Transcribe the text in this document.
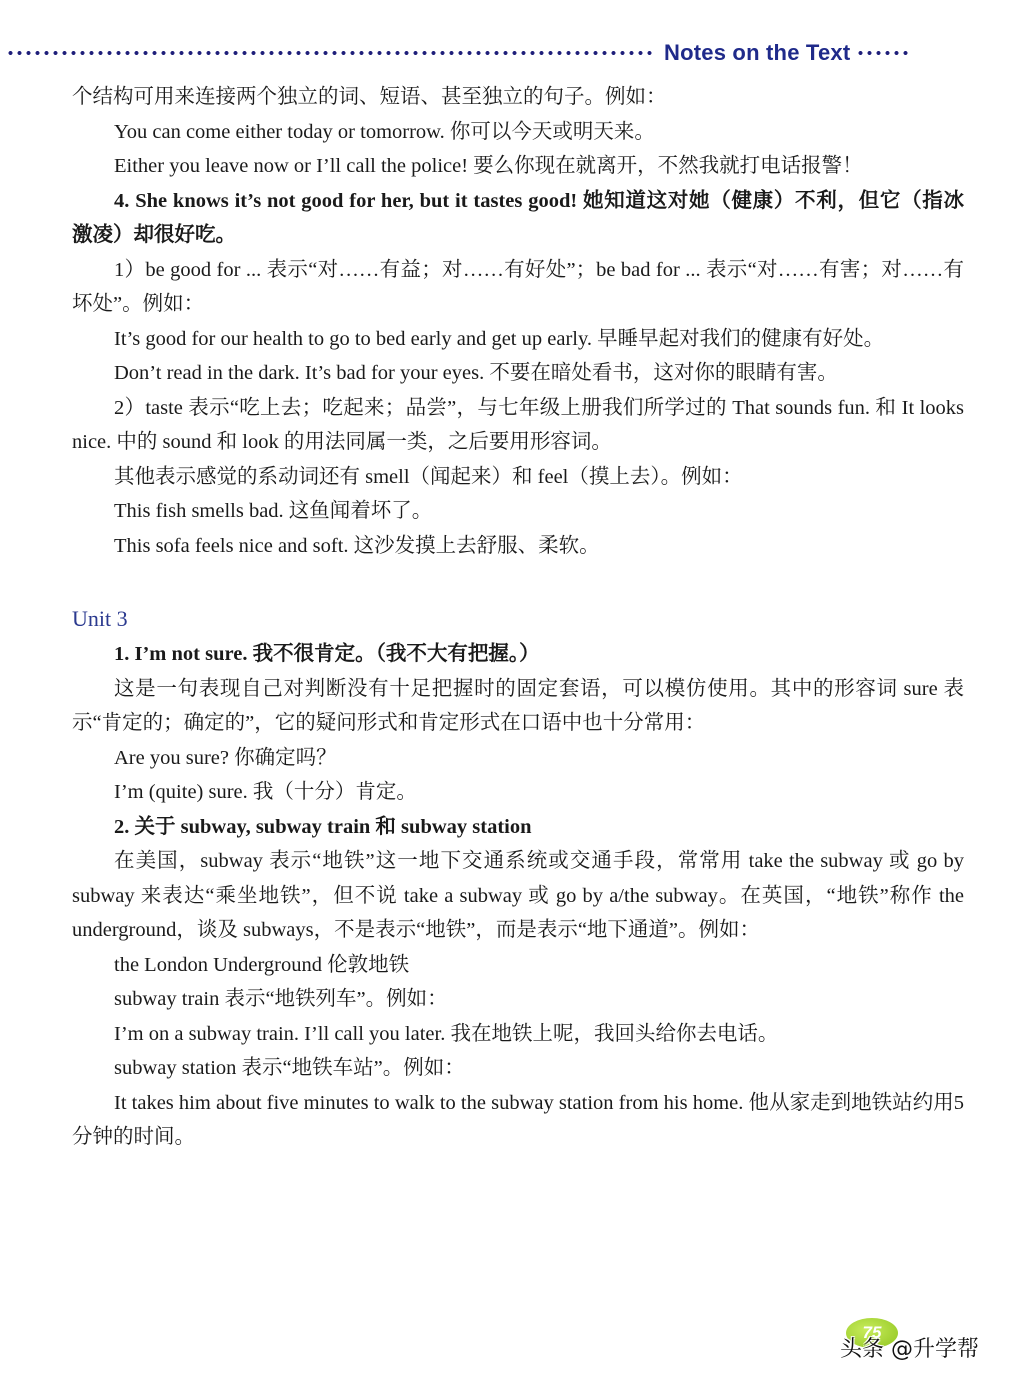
Notes on the Text

个结构可用来连接两个独立的词、短语、甚至独立的句子。例如：

You can come either today or tomorrow. 你可以今天或明天来。

Either you leave now or I’ll call the police! 要么你现在就离开，不然我就打电话报警！

4. She knows it’s not good for her, but it tastes good! 她知道这对她（健康）不利，但它（指冰激凌）却很好吃。

1）be good for ... 表示“对……有益；对……有好处”；be bad for ... 表示“对……有害；对……有坏处”。例如：

It’s good for our health to go to bed early and get up early. 早睡早起对我们的健康有好处。

Don’t read in the dark. It’s bad for your eyes. 不要在暗处看书，这对你的眼睛有害。

2）taste 表示“吃上去；吃起来；品尝”，与七年级上册我们所学过的 That sounds fun. 和 It looks nice. 中的 sound 和 look 的用法同属一类，之后要用形容词。

其他表示感觉的系动词还有 smell（闻起来）和 feel（摸上去）。例如：

This fish smells bad. 这鱼闻着坏了。

This sofa feels nice and soft. 这沙发摸上去舒服、柔软。

Unit 3

1. I’m not sure. 我不很肯定。（我不大有把握。）

这是一句表现自己对判断没有十足把握时的固定套语，可以模仿使用。其中的形容词 sure 表示“肯定的；确定的”，它的疑问形式和肯定形式在口语中也十分常用：

Are you sure? 你确定吗？

I’m (quite) sure. 我（十分）肯定。

2. 关于 subway, subway train 和 subway station

在美国，subway 表示“地铁”这一地下交通系统或交通手段，常常用 take the subway 或 go by subway 来表达“乘坐地铁”，但不说 take a subway 或 go by a/the subway。在英国，“地铁”称作 the underground，谈及 subways，不是表示“地铁”，而是表示“地下通道”。例如：

the London Underground 伦敦地铁

subway train 表示“地铁列车”。例如：

I’m on a subway train. I’ll call you later. 我在地铁上呢，我回头给你去电话。

subway station 表示“地铁车站”。例如：

It takes him about five minutes to walk to the subway station from his home. 他从家走到地铁站约用5分钟的时间。

75
头条 @升学帮
